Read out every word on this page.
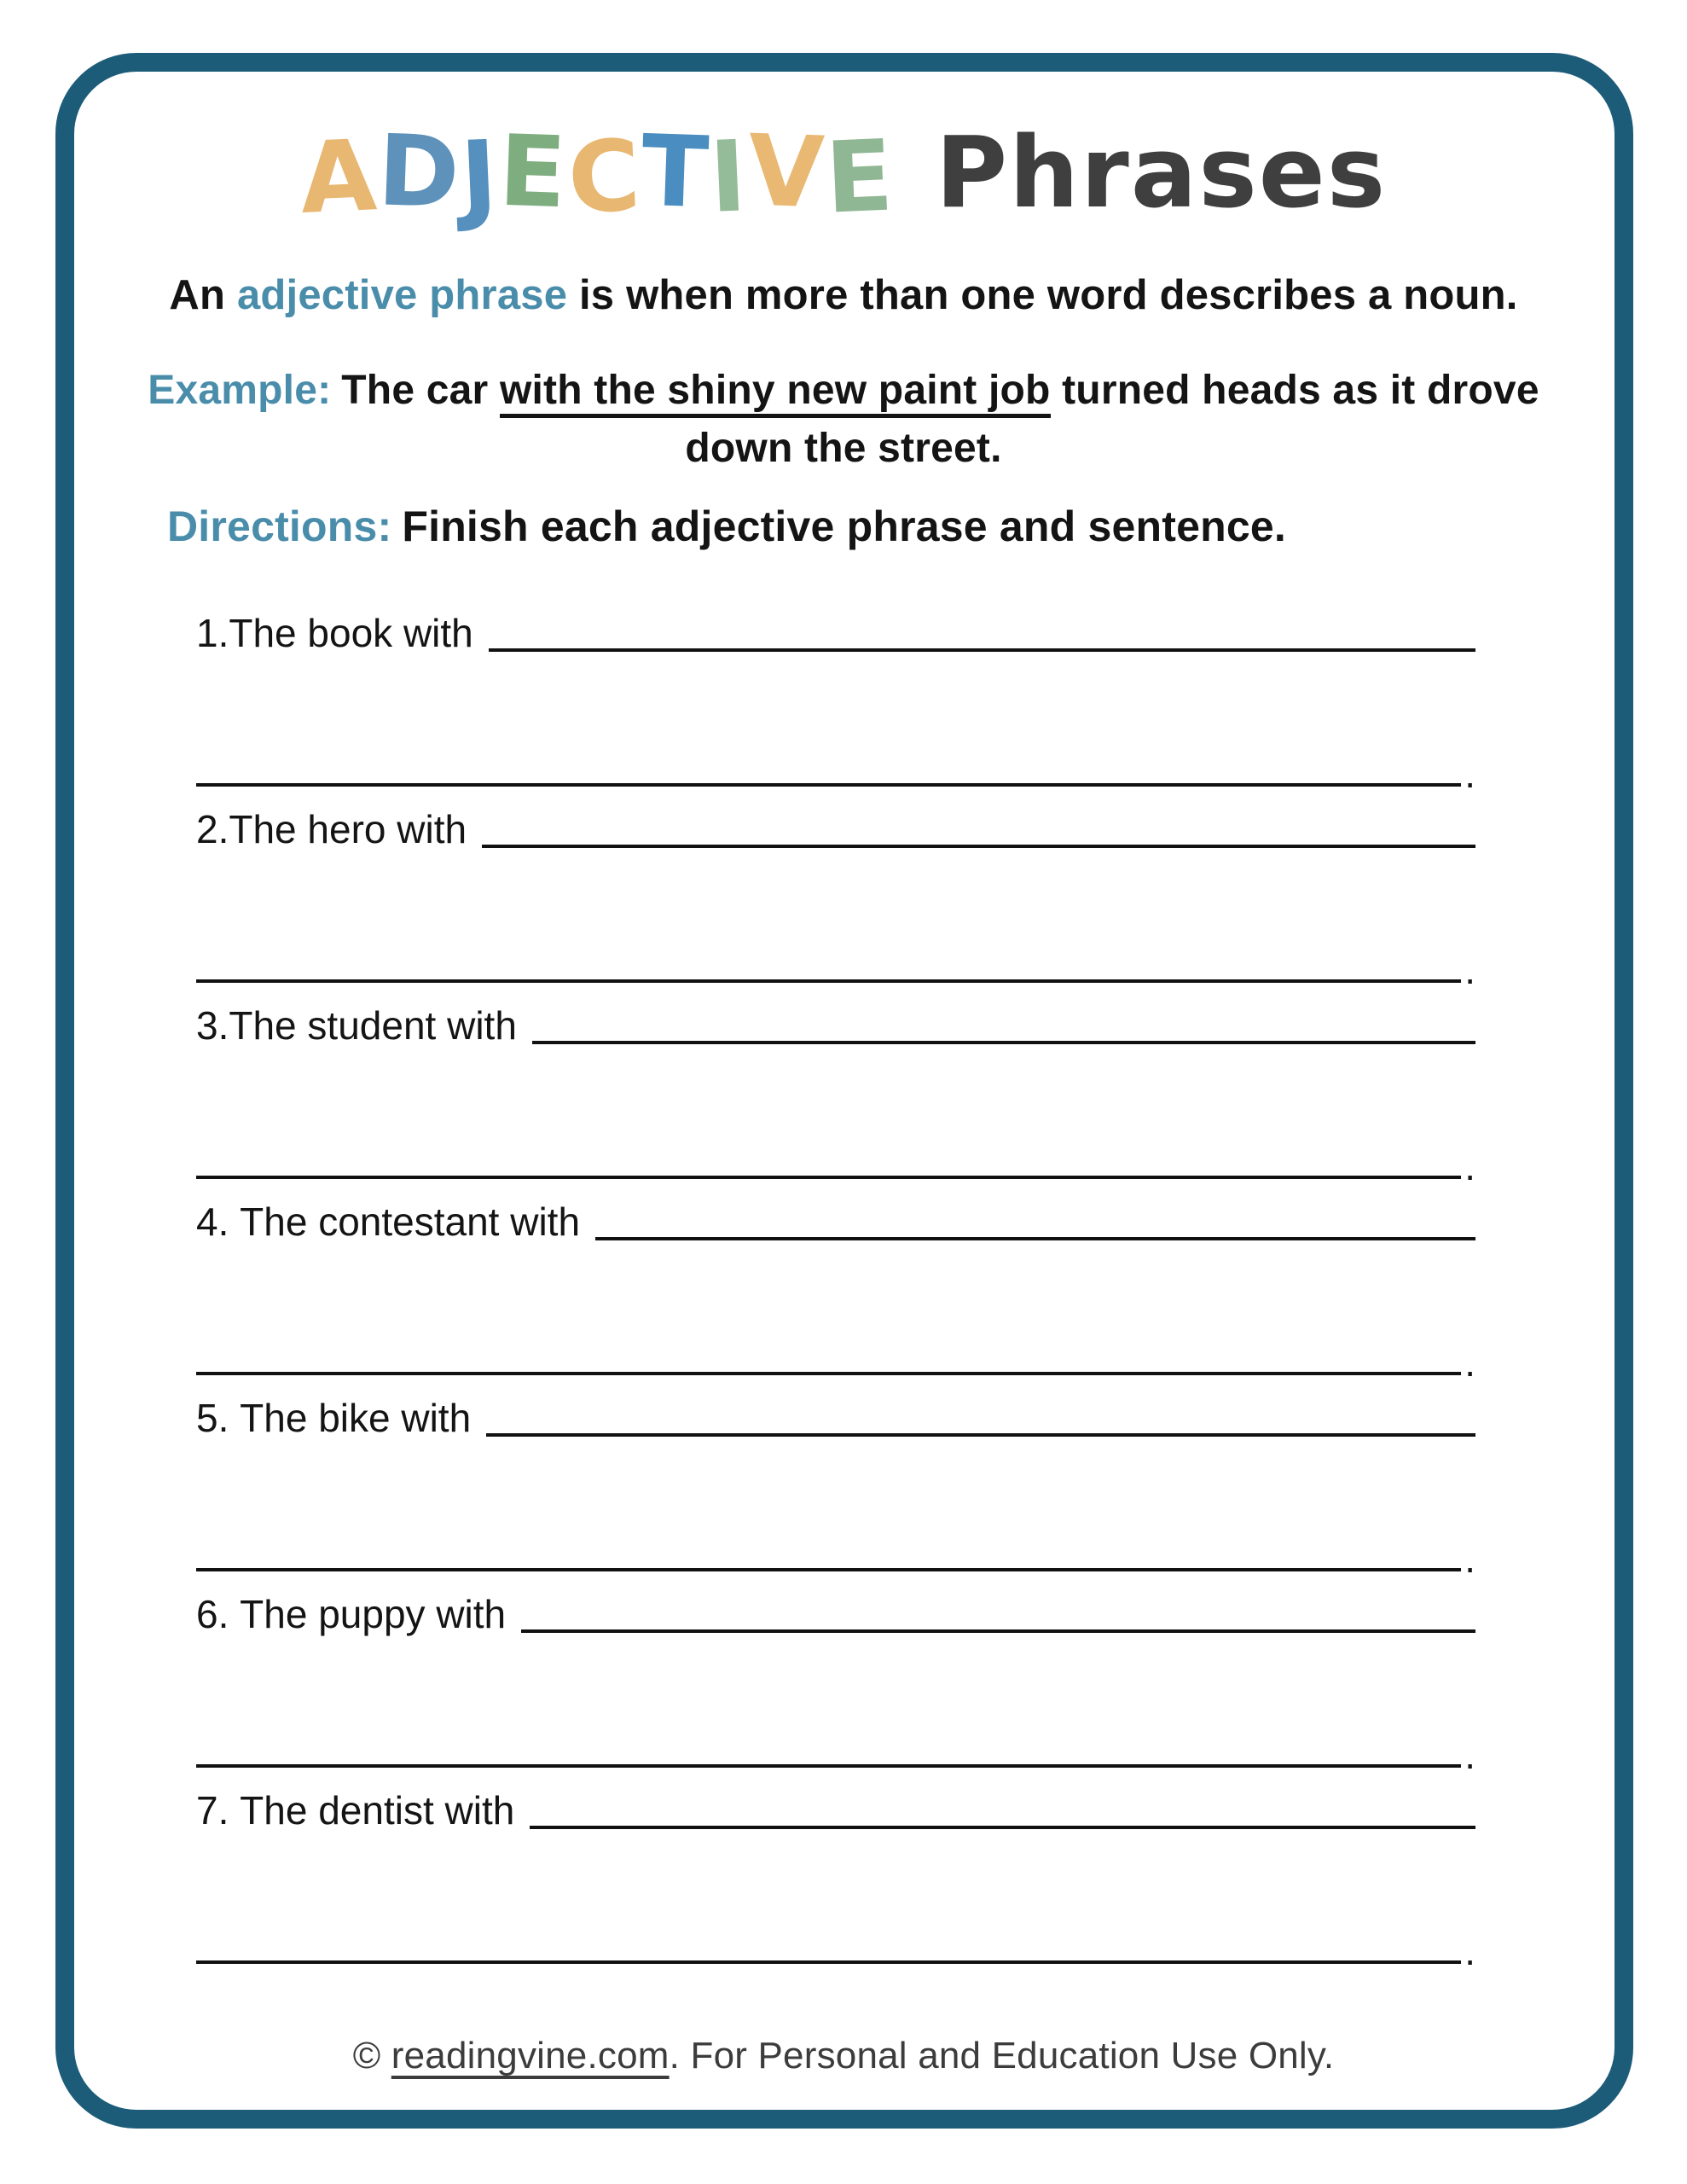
ADJECTIVE Phrases

An adjective phrase is when more than one word describes a noun.

Example: The car with the shiny new paint job turned heads as it drove down the street.

Directions: Finish each adjective phrase and sentence.

1. The book with
.
2. The hero with
.
3. The student with
.
4. The contestant with
.
5. The bike with
.
6. The puppy with
.
7. The dentist with
.
© readingvine.com. For Personal and Education Use Only.
